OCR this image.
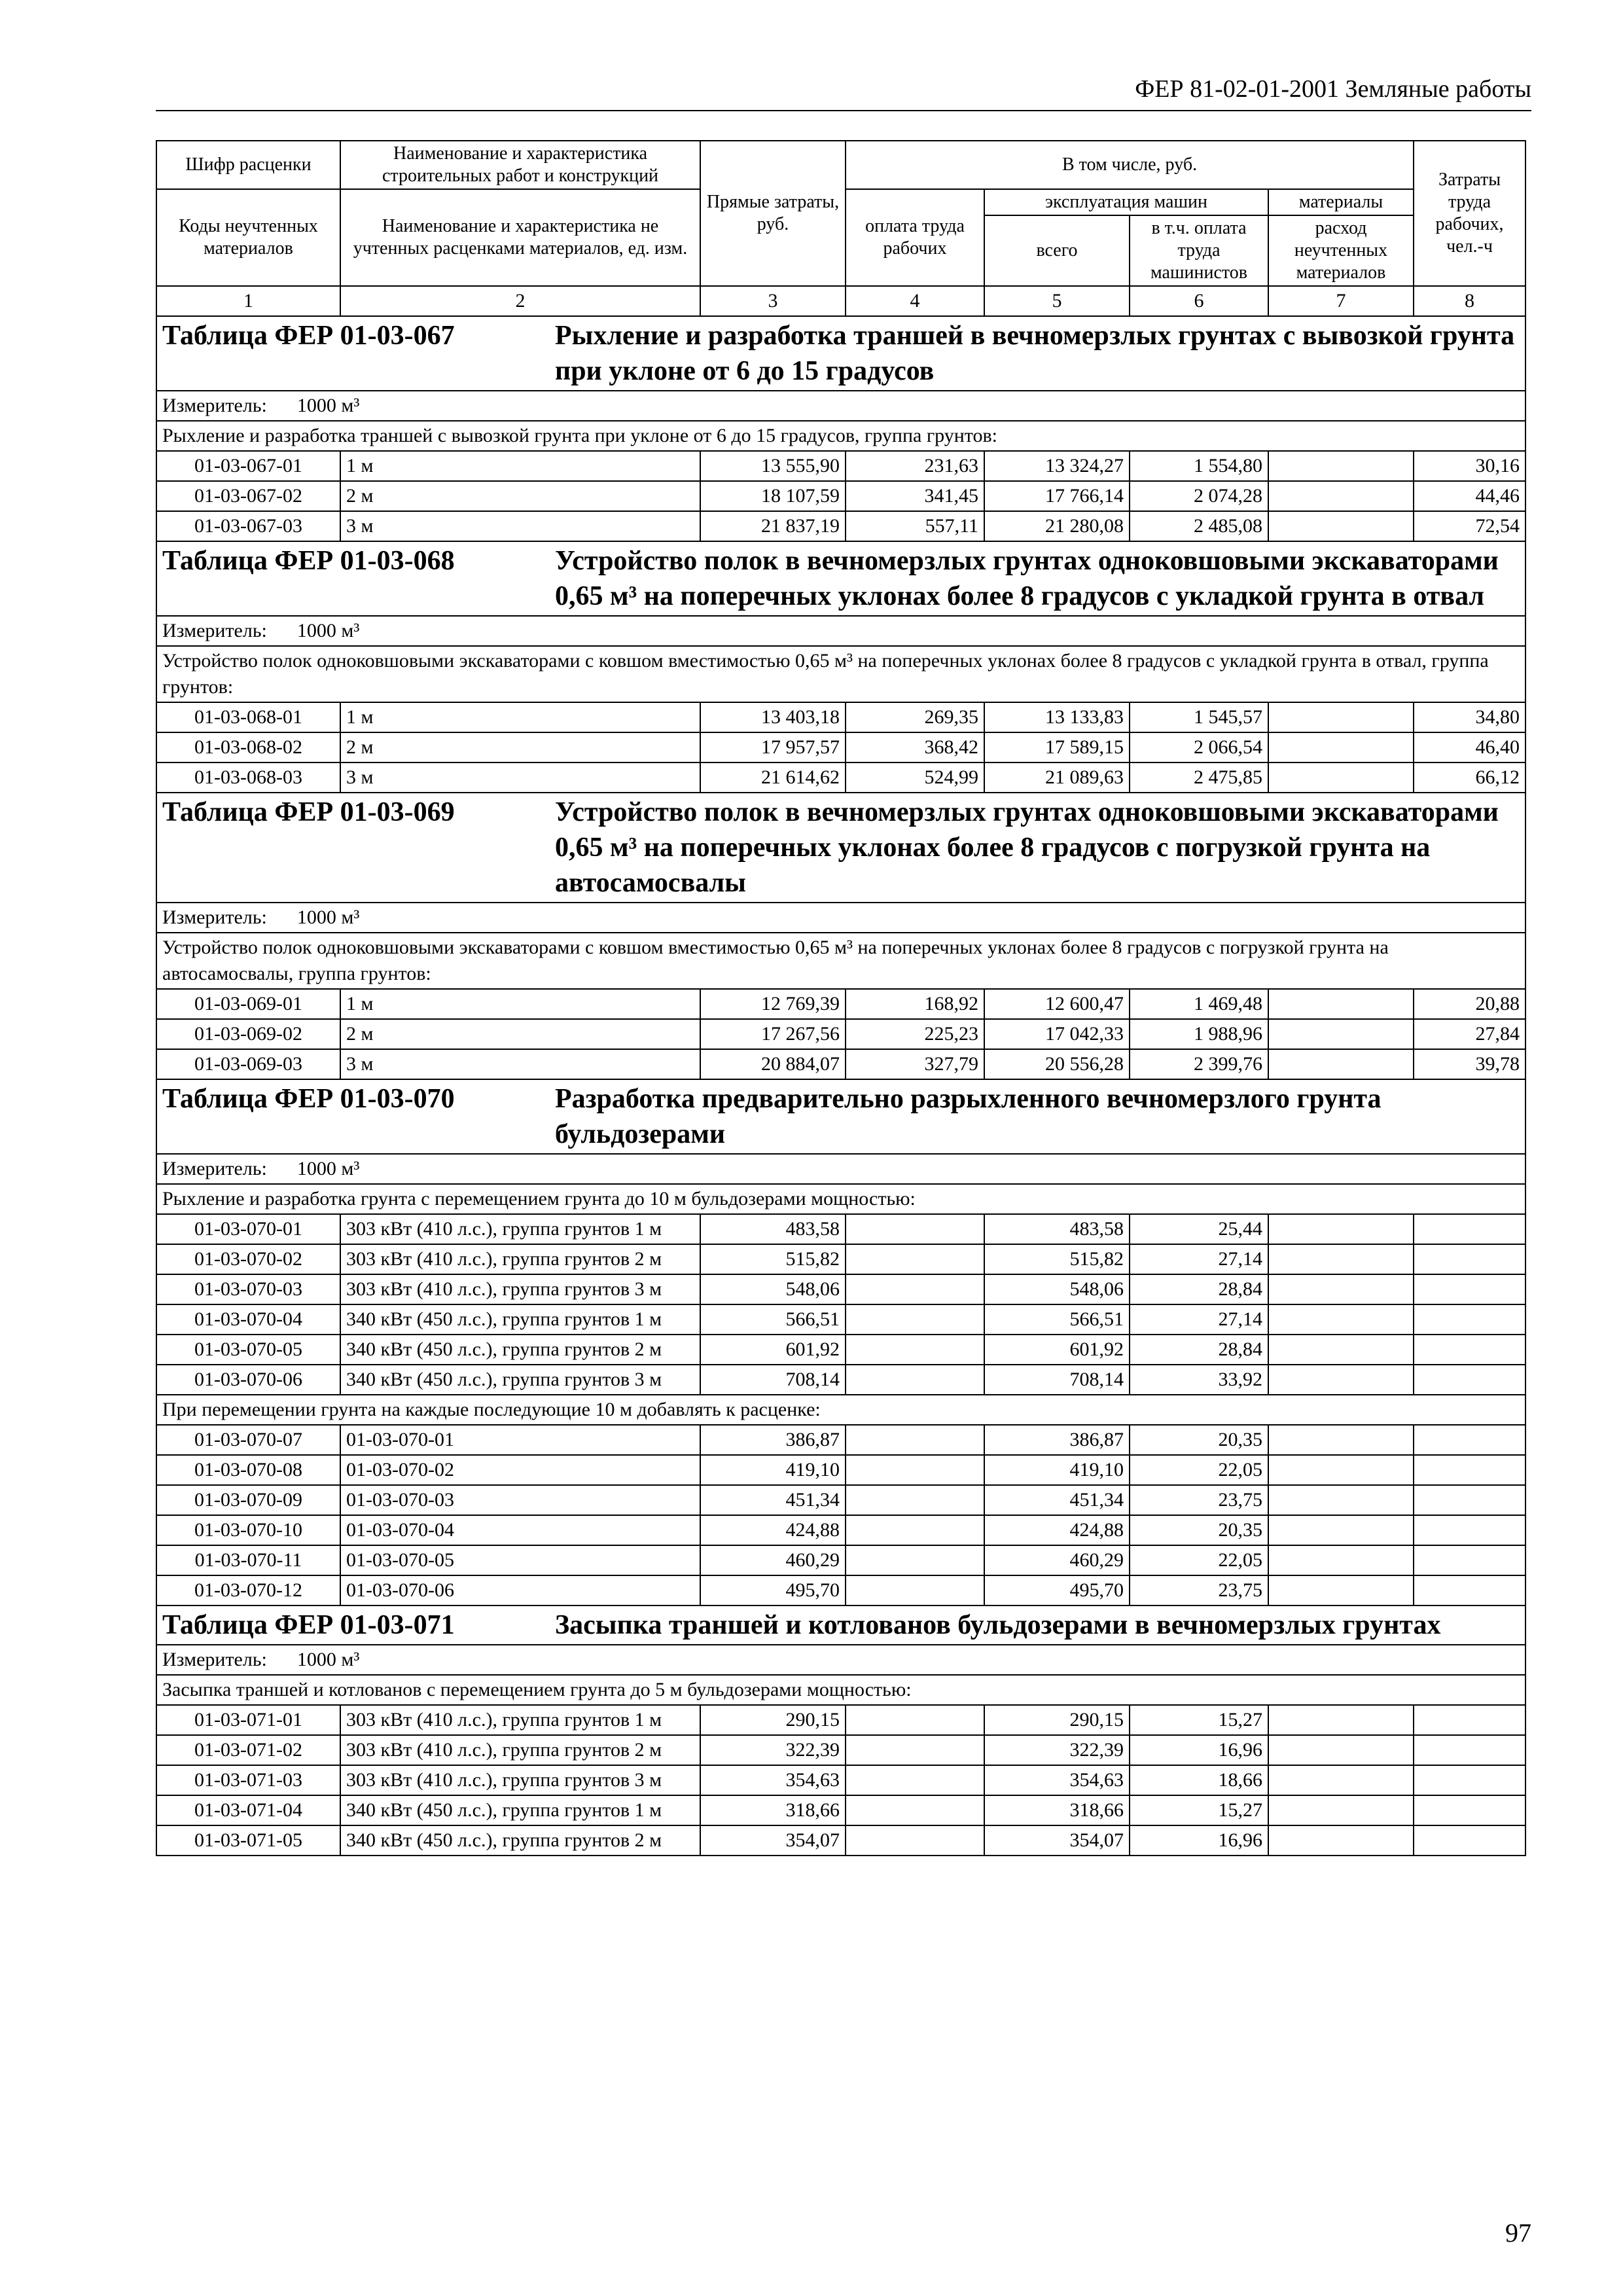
ФЕР 81-02-01-2001 Земляные работы
Шифр расценки	Наименование и характеристика строительных работ и конструкций	Прямые затраты, руб.	В том числе, руб.				Затраты труда рабочих, чел.-ч

Коды неучтенных материалов	Наименование и характеристика не учтенных расценками материалов, ед. изм.		оплата труда рабочих	эксплуатация машин		материалы	
				всего	в т.ч. оплата труда машинистов	расход неучтенных материалов	
1	2	3	4	5	6	7	8

Таблица ФЕР 01-03-067 Рыхление и разработка траншей в вечномерзлых грунтах с вывозкой грунта при уклоне от 6 до 15 градусов							

Измеритель: 1000 м³							
Рыхление и разработка траншей с вывозкой грунта при уклоне от 6 до 15 градусов, группа грунтов:							
01-03-067-01	1 м	13 555,90	231,63	13 324,27	1 554,80		30,16
01-03-067-02	2 м	18 107,59	341,45	17 766,14	2 074,28		44,46
01-03-067-03	3 м	21 837,19	557,11	21 280,08	2 485,08		72,54

Таблица ФЕР 01-03-068 Устройство полок в вечномерзлых грунтах одноковшовыми экскаваторами 0,65 м³ на поперечных уклонах более 8 градусов с укладкой грунта в отвал							

Измеритель: 1000 м³							
Устройство полок одноковшовыми экскаваторами с ковшом вместимостью 0,65 м³ на поперечных уклонах более 8 градусов с укладкой грунта в отвал, группа грунтов:							
01-03-068-01	1 м	13 403,18	269,35	13 133,83	1 545,57		34,80
01-03-068-02	2 м	17 957,57	368,42	17 589,15	2 066,54		46,40
01-03-068-03	3 м	21 614,62	524,99	21 089,63	2 475,85		66,12

Таблица ФЕР 01-03-069 Устройство полок в вечномерзлых грунтах одноковшовыми экскаваторами 0,65 м³ на поперечных уклонах более 8 градусов с погрузкой грунта на автосамосвалы							

Измеритель: 1000 м³							
Устройство полок одноковшовыми экскаваторами с ковшом вместимостью 0,65 м³ на поперечных уклонах более 8 градусов с погрузкой грунта на автосамосвалы, группа грунтов:							
01-03-069-01	1 м	12 769,39	168,92	12 600,47	1 469,48		20,88
01-03-069-02	2 м	17 267,56	225,23	17 042,33	1 988,96		27,84
01-03-069-03	3 м	20 884,07	327,79	20 556,28	2 399,76		39,78

Таблица ФЕР 01-03-070 Разработка предварительно разрыхленного вечномерзлого грунта бульдозерами							

Измеритель: 1000 м³							
Рыхление и разработка грунта с перемещением грунта до 10 м бульдозерами мощностью:							
01-03-070-01	303 кВт (410 л.с.), группа грунтов 1 м	483,58		483,58	25,44		
01-03-070-02	303 кВт (410 л.с.), группа грунтов 2 м	515,82		515,82	27,14		
01-03-070-03	303 кВт (410 л.с.), группа грунтов 3 м	548,06		548,06	28,84		
01-03-070-04	340 кВт (450 л.с.), группа грунтов 1 м	566,51		566,51	27,14		
01-03-070-05	340 кВт (450 л.с.), группа грунтов 2 м	601,92		601,92	28,84		
01-03-070-06	340 кВт (450 л.с.), группа грунтов 3 м	708,14		708,14	33,92		
При перемещении грунта на каждые последующие 10 м добавлять к расценке:							
01-03-070-07	01-03-070-01	386,87		386,87	20,35		
01-03-070-08	01-03-070-02	419,10		419,10	22,05		
01-03-070-09	01-03-070-03	451,34		451,34	23,75		
01-03-070-10	01-03-070-04	424,88		424,88	20,35		
01-03-070-11	01-03-070-05	460,29		460,29	22,05		
01-03-070-12	01-03-070-06	495,70		495,70	23,75		

Таблица ФЕР 01-03-071 Засыпка траншей и котлованов бульдозерами в вечномерзлых грунтах							

Измеритель: 1000 м³							
Засыпка траншей и котлованов с перемещением грунта до 5 м бульдозерами мощностью:							
01-03-071-01	303 кВт (410 л.с.), группа грунтов 1 м	290,15		290,15	15,27		
01-03-071-02	303 кВт (410 л.с.), группа грунтов 2 м	322,39		322,39	16,96		
01-03-071-03	303 кВт (410 л.с.), группа грунтов 3 м	354,63		354,63	18,66		
01-03-071-04	340 кВт (450 л.с.), группа грунтов 1 м	318,66		318,66	15,27		
01-03-071-05	340 кВт (450 л.с.), группа грунтов 2 м	354,07		354,07	16,96		
97
